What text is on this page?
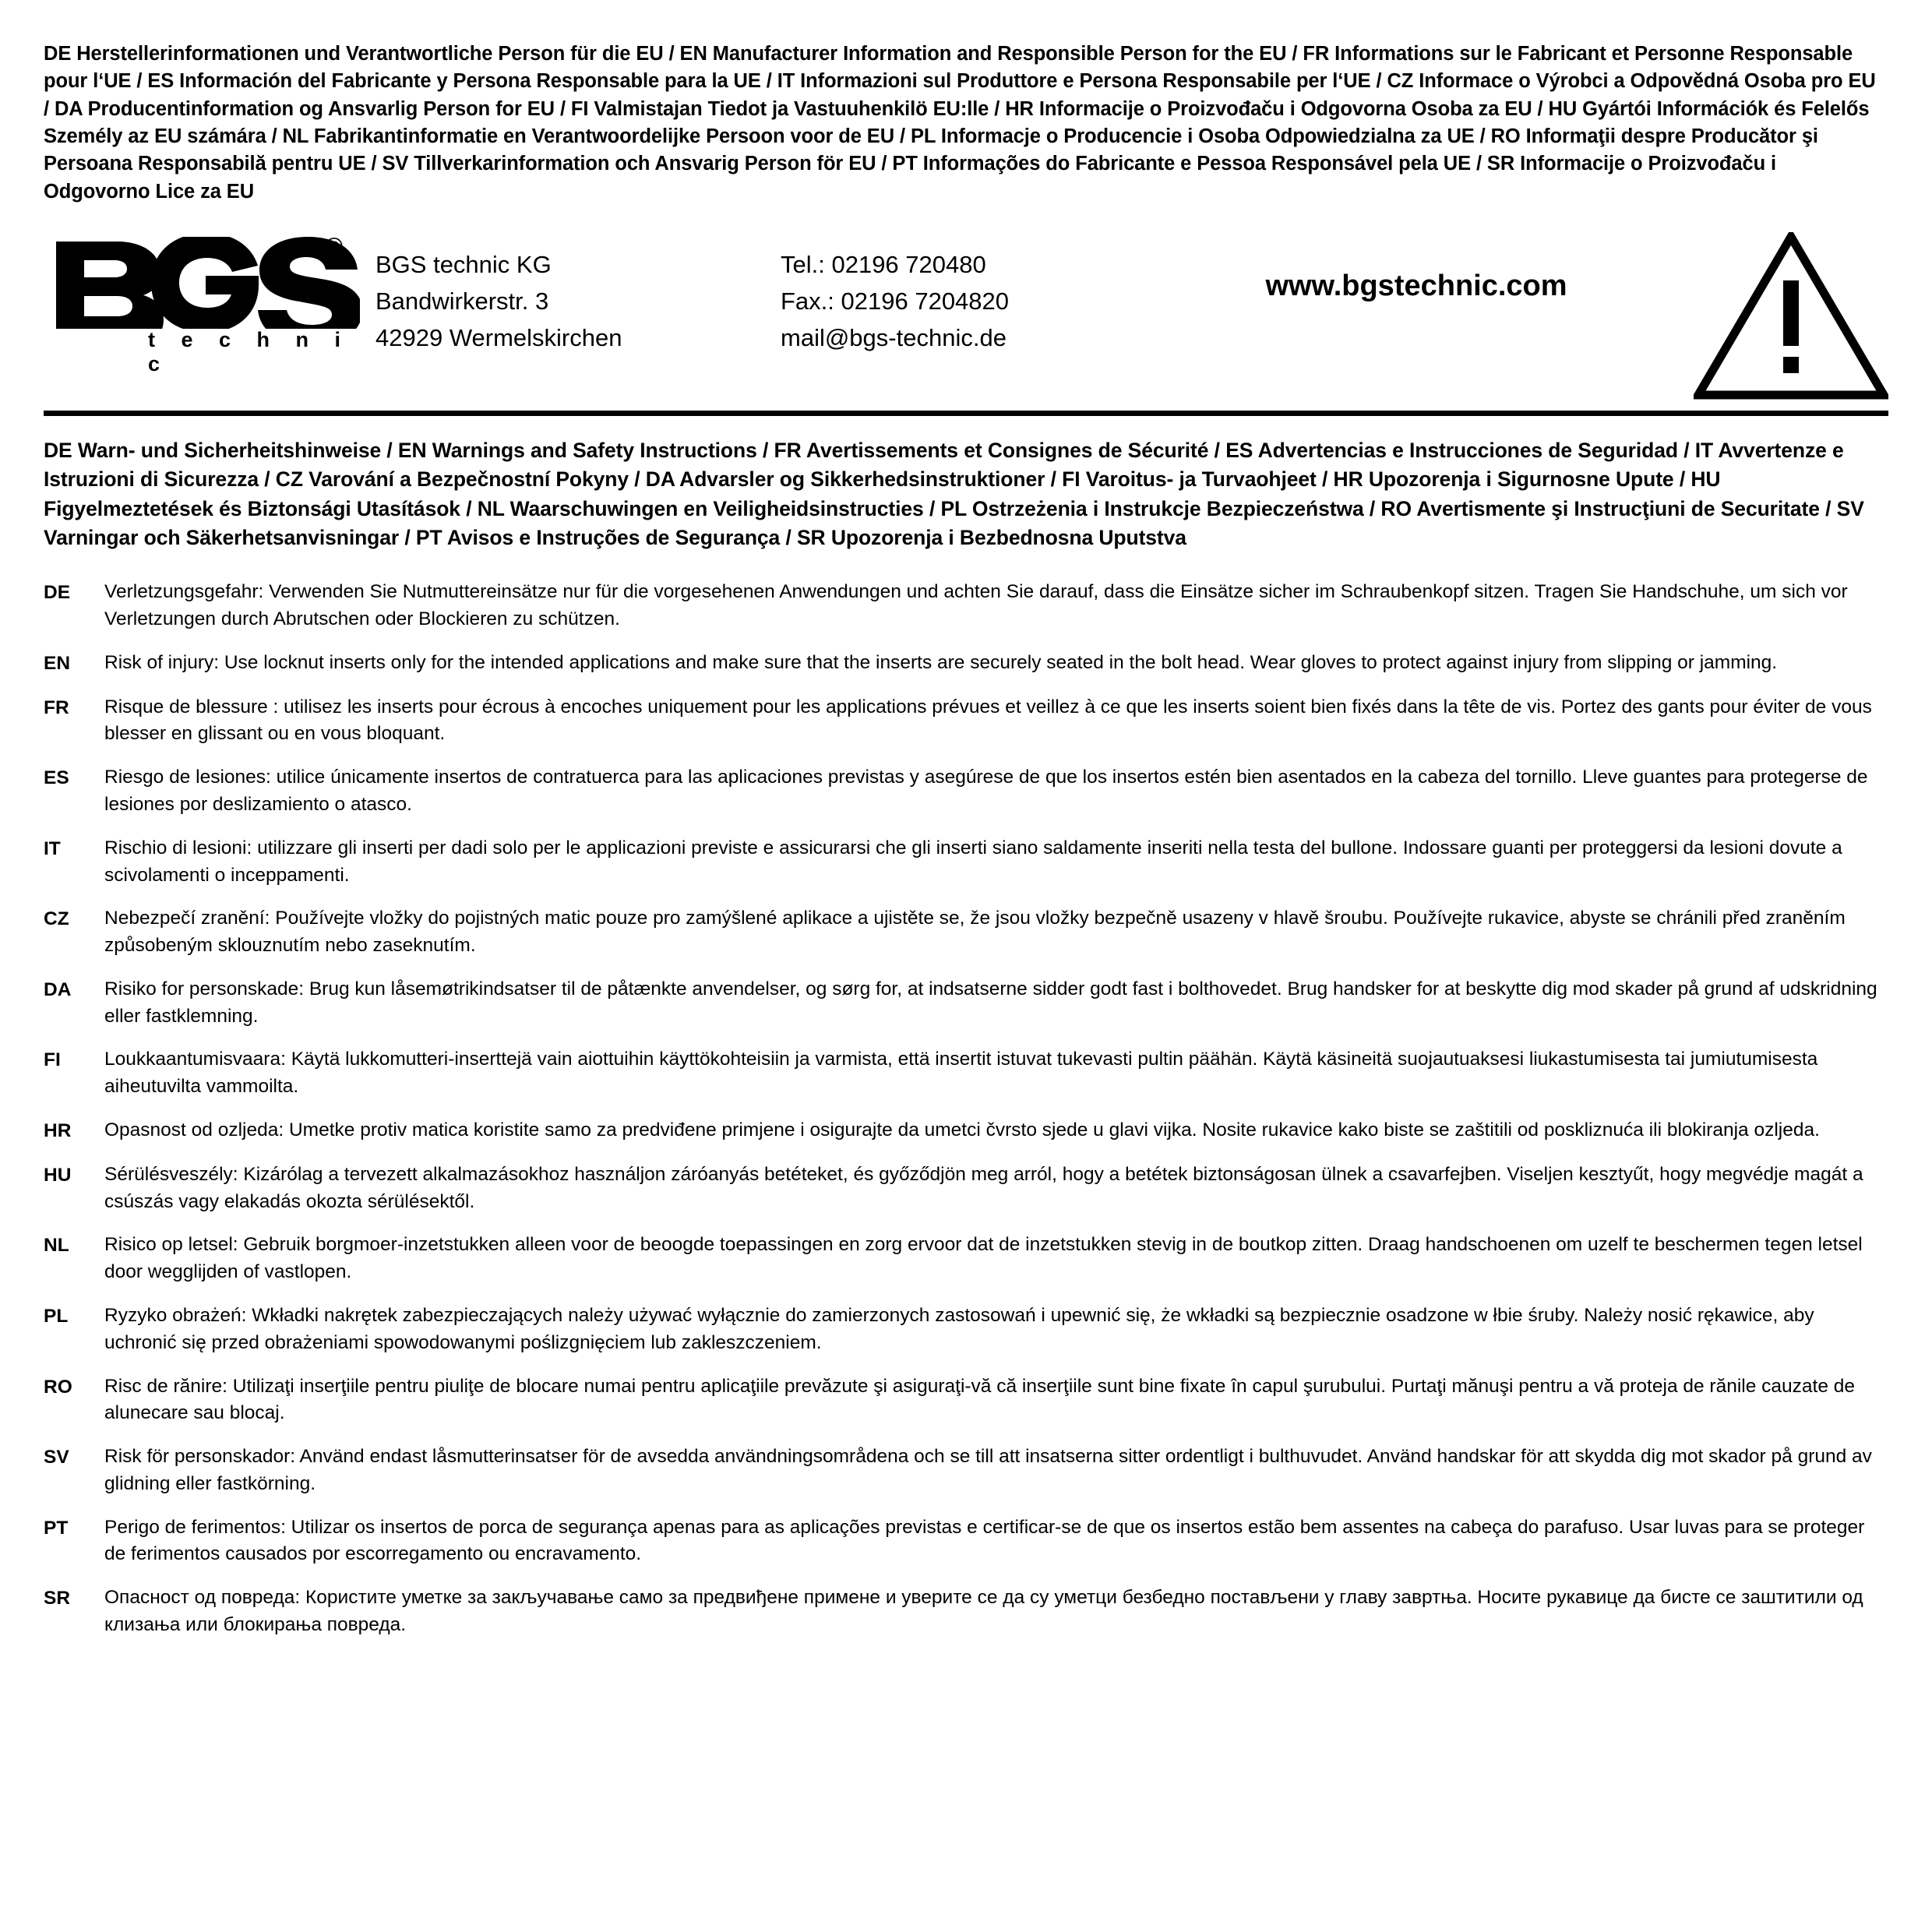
DE Herstellerinformationen und Verantwortliche Person für die EU / EN Manufacturer Information and Responsible Person for the EU / FR Informations sur le Fabricant et Personne Responsable pour l‘UE / ES Información del Fabricante y Persona Responsable para la UE / IT Informazioni sul Produttore e Persona Responsabile per l‘UE / CZ Informace o Výrobci a Odpovědná Osoba pro EU / DA Producentinformation og Ansvarlig Person for EU / FI Valmistajan Tiedot ja Vastuuhenkilö EU:lle / HR Informacije o Proizvođaču i Odgovorna Osoba za EU / HU Gyártói Információk és Felelős Személy az EU számára / NL Fabrikantinformatie en Verantwoordelijke Persoon voor de EU / PL Informacje o Producencie i Osoba Odpowiedzialna za UE / RO Informaţii despre Producător şi Persoana Responsabilă pentru UE / SV Tillverkarinformation och Ansvarig Person för EU / PT Informações do Fabricante e Pessoa Responsável pela UE / SR Informacije o Proizvođaču i Odgovorno Lice za EU
®
t e c h n i c
BGS technic KG
Bandwirkerstr. 3
42929 Wermelskirchen
Tel.: 02196 720480
Fax.: 02196 7204820
mail@bgs-technic.de
www.bgstechnic.com
DE Warn- und Sicherheitshinweise / EN Warnings and Safety Instructions / FR Avertissements et Consignes de Sécurité / ES Advertencias e Instrucciones de Seguridad / IT Avvertenze e Istruzioni di Sicurezza / CZ Varování a Bezpečnostní Pokyny / DA Advarsler og Sikkerhedsinstruktioner / FI Varoitus- ja Turvaohjeet / HR Upozorenja i Sigurnosne Upute / HU Figyelmeztetések és Biztonsági Utasítások / NL Waarschuwingen en Veiligheidsinstructies / PL Ostrzeżenia i Instrukcje Bezpieczeństwa / RO Avertismente şi Instrucţiuni de Securitate / SV Varningar och Säkerhetsanvisningar / PT Avisos e Instruções de Segurança / SR Upozorenja i Bezbednosna Uputstva
DE	Verletzungsgefahr: Verwenden Sie Nutmuttereinsätze nur für die vorgesehenen Anwendungen und achten Sie darauf, dass die Einsätze sicher im Schraubenkopf sitzen. Tragen Sie Handschuhe, um sich vor Verletzungen durch Abrutschen oder Blockieren zu schützen.
EN	Risk of injury: Use locknut inserts only for the intended applications and make sure that the inserts are securely seated in the bolt head. Wear gloves to protect against injury from slipping or jamming.
FR	Risque de blessure : utilisez les inserts pour écrous à encoches uniquement pour les applications prévues et veillez à ce que les inserts soient bien fixés dans la tête de vis. Portez des gants pour éviter de vous blesser en glissant ou en vous bloquant.
ES	Riesgo de lesiones: utilice únicamente insertos de contratuerca para las aplicaciones previstas y asegúrese de que los insertos estén bien asentados en la cabeza del tornillo. Lleve guantes para protegerse de lesiones por deslizamiento o atasco.
IT	Rischio di lesioni: utilizzare gli inserti per dadi solo per le applicazioni previste e assicurarsi che gli inserti siano saldamente inseriti nella testa del bullone. Indossare guanti per proteggersi da lesioni dovute a scivolamenti o inceppamenti.
CZ	Nebezpečí zranění: Používejte vložky do pojistných matic pouze pro zamýšlené aplikace a ujistěte se, že jsou vložky bezpečně usazeny v hlavě šroubu. Používejte rukavice, abyste se chránili před zraněním způsobeným sklouznutím nebo zaseknutím.
DA	Risiko for personskade: Brug kun låsemøtrikindsatser til de påtænkte anvendelser, og sørg for, at indsatserne sidder godt fast i bolthovedet. Brug handsker for at beskytte dig mod skader på grund af udskridning eller fastklemning.
FI	Loukkaantumisvaara: Käytä lukkomutteri-inserttejä vain aiottuihin käyttökohteisiin ja varmista, että insertit istuvat tukevasti pultin päähän. Käytä käsineitä suojautuaksesi liukastumisesta tai jumiutumisesta aiheutuvilta vammoilta.
HR	Opasnost od ozljeda: Umetke protiv matica koristite samo za predviđene primjene i osigurajte da umetci čvrsto sjede u glavi vijka. Nosite rukavice kako biste se zaštitili od poskliznuća ili blokiranja ozljeda.
HU	Sérülésveszély: Kizárólag a tervezett alkalmazásokhoz használjon záróanyás betéteket, és győződjön meg arról, hogy a betétek biztonságosan ülnek a csavarfejben. Viseljen kesztyűt, hogy megvédje magát a csúszás vagy elakadás okozta sérülésektől.
NL	Risico op letsel: Gebruik borgmoer-inzetstukken alleen voor de beoogde toepassingen en zorg ervoor dat de inzetstukken stevig in de boutkop zitten. Draag handschoenen om uzelf te beschermen tegen letsel door wegglijden of vastlopen.
PL	Ryzyko obrażeń: Wkładki nakrętek zabezpieczających należy używać wyłącznie do zamierzonych zastosowań i upewnić się, że wkładki są bezpiecznie osadzone w łbie śruby. Należy nosić rękawice, aby uchronić się przed obrażeniami spowodowanymi poślizgnięciem lub zakleszczeniem.
RO	Risc de rănire: Utilizaţi inserţiile pentru piuliţe de blocare numai pentru aplicaţiile prevăzute şi asiguraţi-vă că inserţiile sunt bine fixate în capul şurubului. Purtaţi mănuşi pentru a vă proteja de rănile cauzate de alunecare sau blocaj.
SV	Risk för personskador: Använd endast låsmutterinsatser för de avsedda användningsområdena och se till att insatserna sitter ordentligt i bulthuvudet. Använd handskar för att skydda dig mot skador på grund av glidning eller fastkörning.
PT	Perigo de ferimentos: Utilizar os insertos de porca de segurança apenas para as aplicações previstas e certificar-se de que os insertos estão bem assentes na cabeça do parafuso. Usar luvas para se proteger de ferimentos causados por escorregamento ou encravamento.
SR	Опасност од повреда: Користите уметке за закључавање само за предвиђене примене и уверите се да су уметци безбедно постављени у главу завртња. Носите рукавице да бисте се заштитили од клизања или блокирања повреда.
